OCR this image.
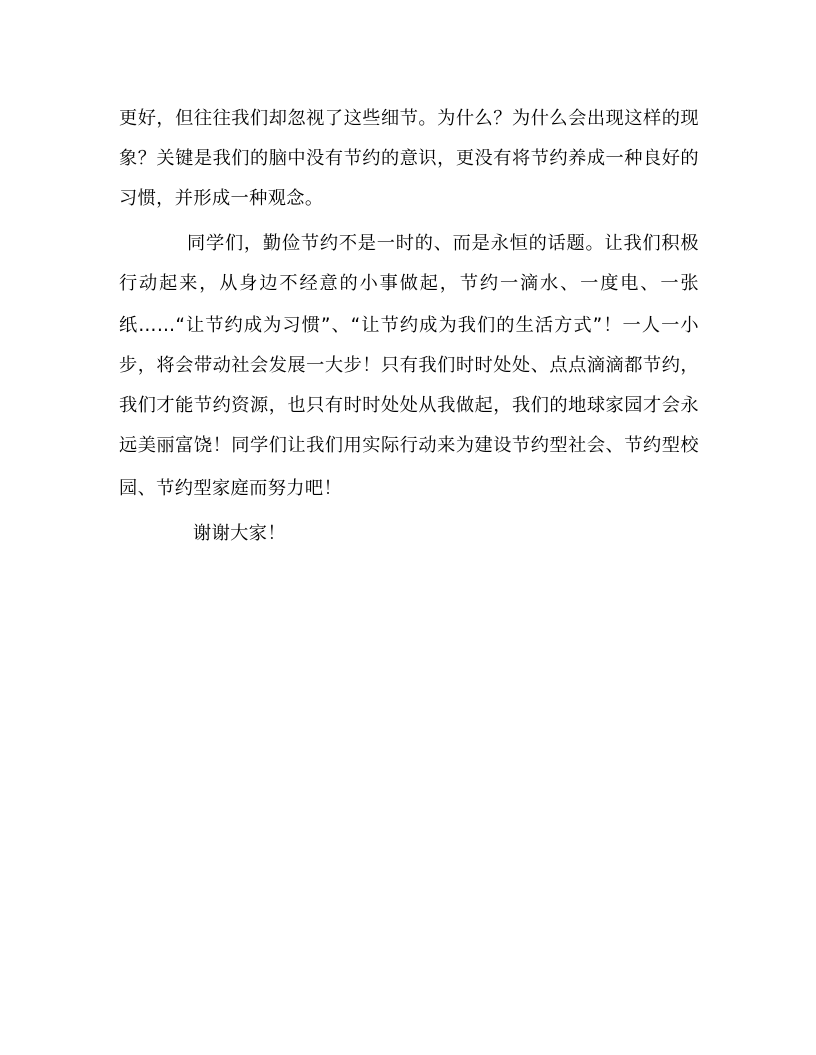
更好，但往往我们却忽视了这些细节。为什么？为什么会出现这样的现
象？关键是我们的脑中没有节约的意识，更没有将节约养成一种良好的
习惯，并形成一种观念。
同学们，勤俭节约不是一时的、而是永恒的话题。让我们积极
行动起来，从身边不经意的小事做起，节约一滴水、一度电、一张
纸……“让节约成为习惯”、“让节约成为我们的生活方式”！一人一小
步，将会带动社会发展一大步！只有我们时时处处、点点滴滴都节约，
我们才能节约资源，也只有时时处处从我做起，我们的地球家园才会永
远美丽富饶！同学们让我们用实际行动来为建设节约型社会、节约型校
园、节约型家庭而努力吧！
谢谢大家！
